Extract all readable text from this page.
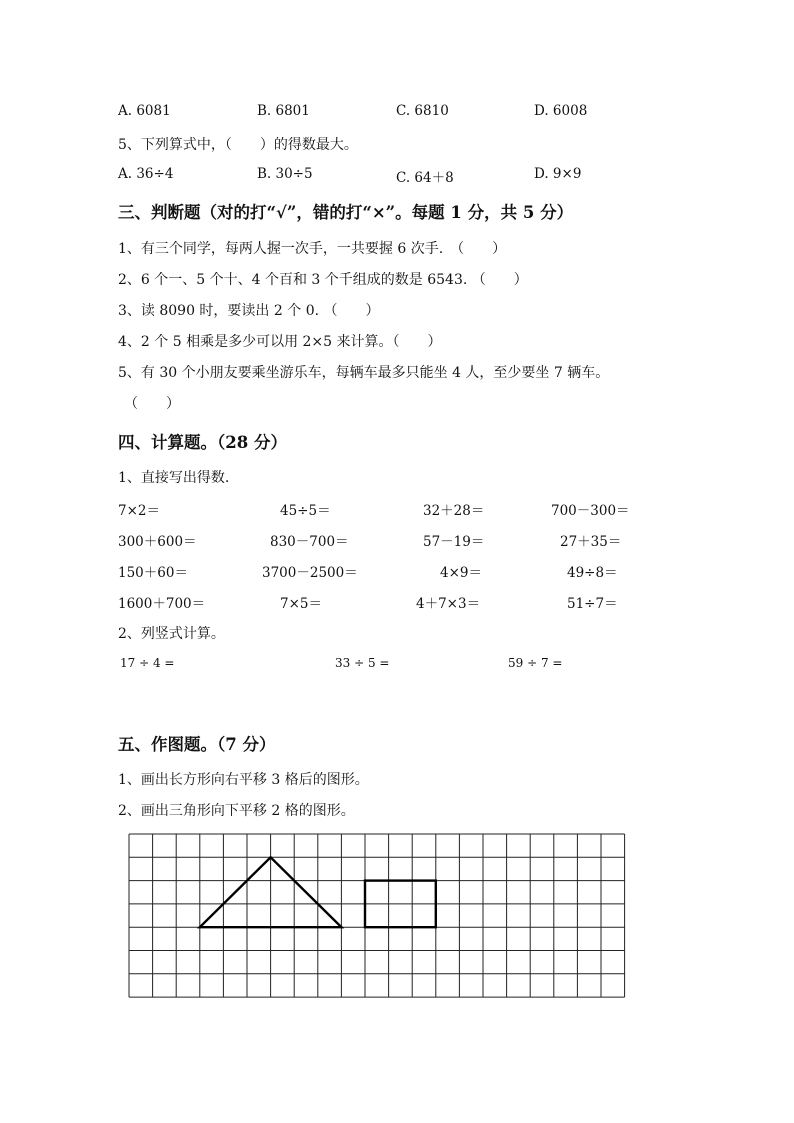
A. 6081	B. 6801	C. 6810	D. 6008
5、下列算式中，（　　）的得数最大。
A. 36÷4	B. 30÷5	C. 64＋8	D. 9×9
三、判断题（对的打“√”，错的打“×”。每题 1 分，共 5 分）
1、有三个同学，每两人握一次手，一共要握 6 次手.　（　　）
2、6 个一、5 个十、4 个百和 3 个千组成的数是 6543. （　　）
3、读 8090 时，要读出 2 个 0. （　　）
4、2 个 5 相乘是多少可以用 2×5 来计算。（　　）
5、有 30 个小朋友要乘坐游乐车，每辆车最多只能坐 4 人，至少要坐 7 辆车。
（　　）
四、计算题。（28 分）
1、直接写出得数.
7×2＝	45÷5＝	32＋28＝	700－300＝
300＋600＝	830－700＝	57－19＝	27＋35＝
150＋60＝	3700－2500＝	4×9＝	49÷8＝
1600＋700＝	7×5＝	4＋7×3＝	51÷7＝
2、列竖式计算。
17 ÷ 4 =	33 ÷ 5 =	59 ÷ 7 =
五、作图题。（7 分）
1、画出长方形向右平移 3 格后的图形。
2、画出三角形向下平移 2 格的图形。
